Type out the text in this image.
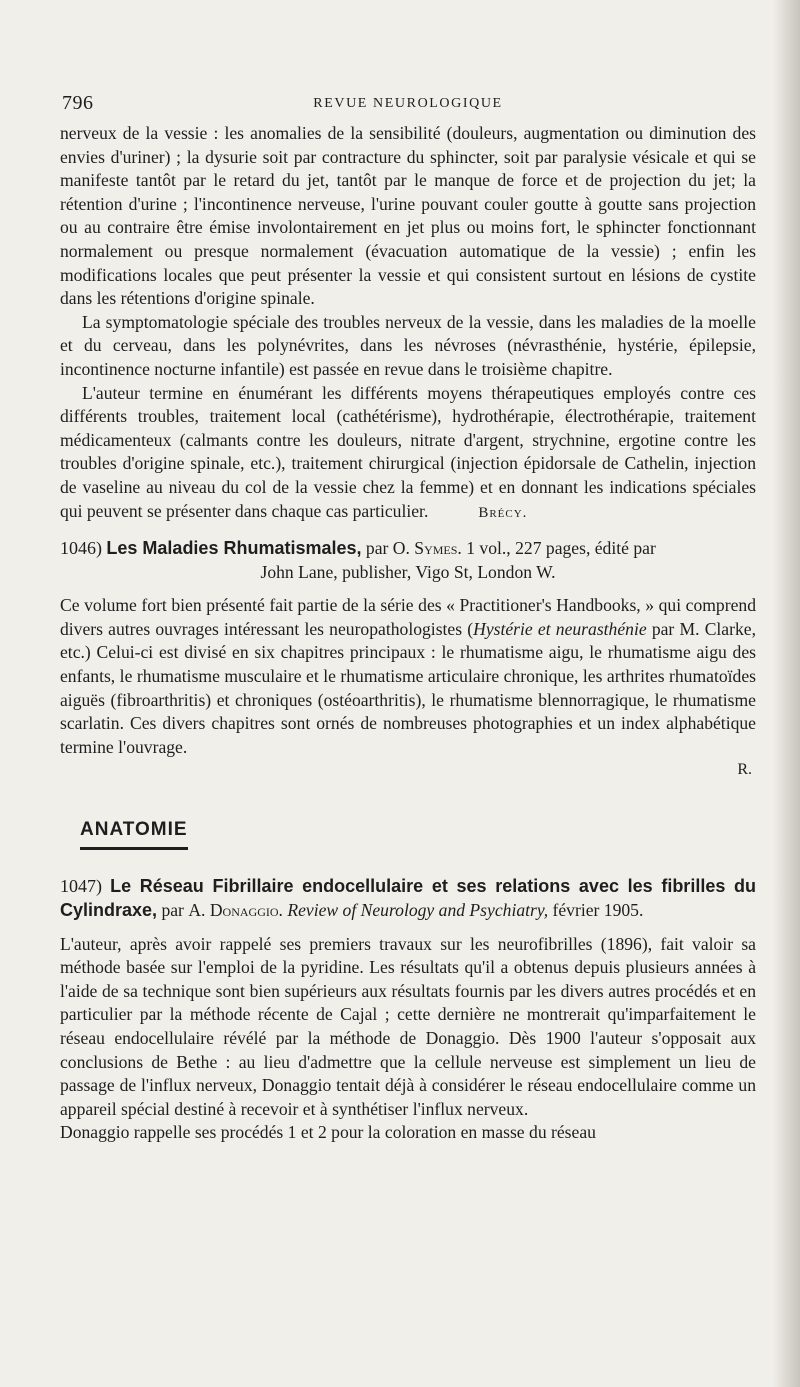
796	REVUE NEUROLOGIQUE

nerveux de la vessie : les anomalies de la sensibilité (douleurs, augmentation ou diminution des envies d'uriner) ; la dysurie soit par contracture du sphincter, soit par paralysie vésicale et qui se manifeste tantôt par le retard du jet, tantôt par le manque de force et de projection du jet; la rétention d'urine ; l'incontinence nerveuse, l'urine pouvant couler goutte à goutte sans projection ou au contraire être émise involontairement en jet plus ou moins fort, le sphincter fonctionnant normalement ou presque normalement (évacuation automatique de la vessie) ; enfin les modifications locales que peut présenter la vessie et qui consistent surtout en lésions de cystite dans les rétentions d'origine spinale.

La symptomatologie spéciale des troubles nerveux de la vessie, dans les maladies de la moelle et du cerveau, dans les polynévrites, dans les névroses (névrasthénie, hystérie, épilepsie, incontinence nocturne infantile) est passée en revue dans le troisième chapitre.

L'auteur termine en énumérant les différents moyens thérapeutiques employés contre ces différents troubles, traitement local (cathétérisme), hydrothérapie, électrothérapie, traitement médicamenteux (calmants contre les douleurs, nitrate d'argent, strychnine, ergotine contre les troubles d'origine spinale, etc.), traitement chirurgical (injection épidorsale de Cathelin, injection de vaseline au niveau du col de la vessie chez la femme) et en donnant les indications spéciales qui peuvent se présenter dans chaque cas particulier.	Brécy.

1046) Les Maladies Rhumatismales, par O. Symes. 1 vol., 227 pages, édité par

John Lane, publisher, Vigo St, London W.

Ce volume fort bien présenté fait partie de la série des « Practitioner's Handbooks, » qui comprend divers autres ouvrages intéressant les neuropathologistes (Hystérie et neurasthénie par M. Clarke, etc.) Celui-ci est divisé en six chapitres principaux : le rhumatisme aigu, le rhumatisme aigu des enfants, le rhumatisme musculaire et le rhumatisme articulaire chronique, les arthrites rhumatoïdes aiguës (fibroarthritis) et chroniques (ostéoarthritis), le rhumatisme blennorragique, le rhumatisme scarlatin. Ces divers chapitres sont ornés de nombreuses photographies et un index alphabétique termine l'ouvrage.

R.
ANATOMIE

1047) Le Réseau Fibrillaire endocellulaire et ses relations avec les fibrilles du Cylindraxe, par A. Donaggio. Review of Neurology and Psychiatry, février 1905.

L'auteur, après avoir rappelé ses premiers travaux sur les neurofibrilles (1896), fait valoir sa méthode basée sur l'emploi de la pyridine. Les résultats qu'il a obtenus depuis plusieurs années à l'aide de sa technique sont bien supérieurs aux résultats fournis par les divers autres procédés et en particulier par la méthode récente de Cajal ; cette dernière ne montrerait qu'imparfaitement le réseau endocellulaire révélé par la méthode de Donaggio. Dès 1900 l'auteur s'opposait aux conclusions de Bethe : au lieu d'admettre que la cellule nerveuse est simplement un lieu de passage de l'influx nerveux, Donaggio tentait déjà à considérer le réseau endocellulaire comme un appareil spécial destiné à recevoir et à synthétiser l'influx nerveux.

Donaggio rappelle ses procédés 1 et 2 pour la coloration en masse du réseau
